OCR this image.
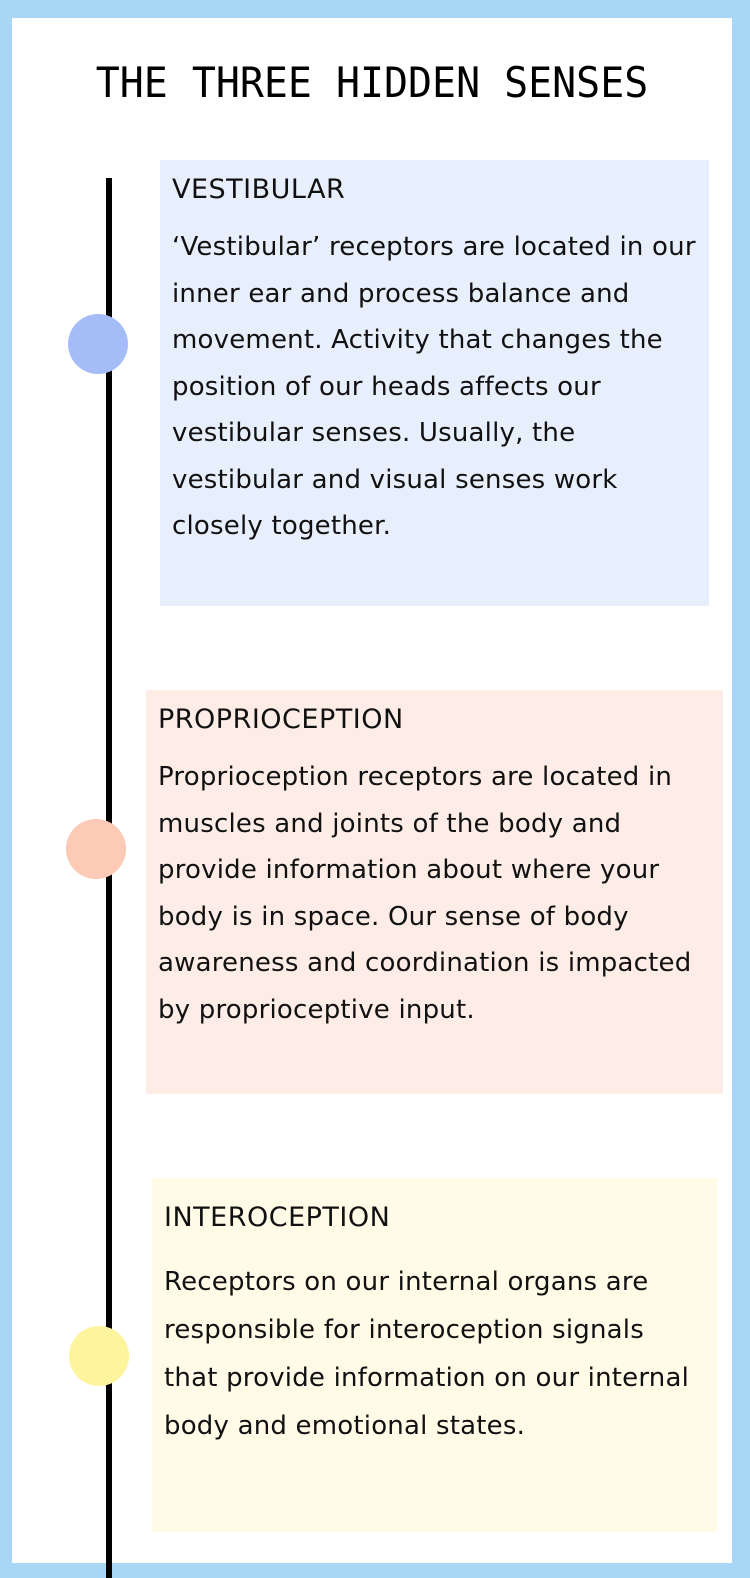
THE THREE HIDDEN SENSES
VESTIBULAR

‘Vestibular’ receptors are located in our inner ear and process balance and movement. Activity that changes the position of our heads affects our vestibular senses. Usually, the vestibular and visual senses work closely together.

PROPRIOCEPTION

Proprioception receptors are located in muscles and joints of the body and provide information about where your body is in space. Our sense of body awareness and coordination is impacted by proprioceptive input.

INTEROCEPTION

Receptors on our internal organs are responsible for interoception signals that provide information on our internal body and emotional states.
